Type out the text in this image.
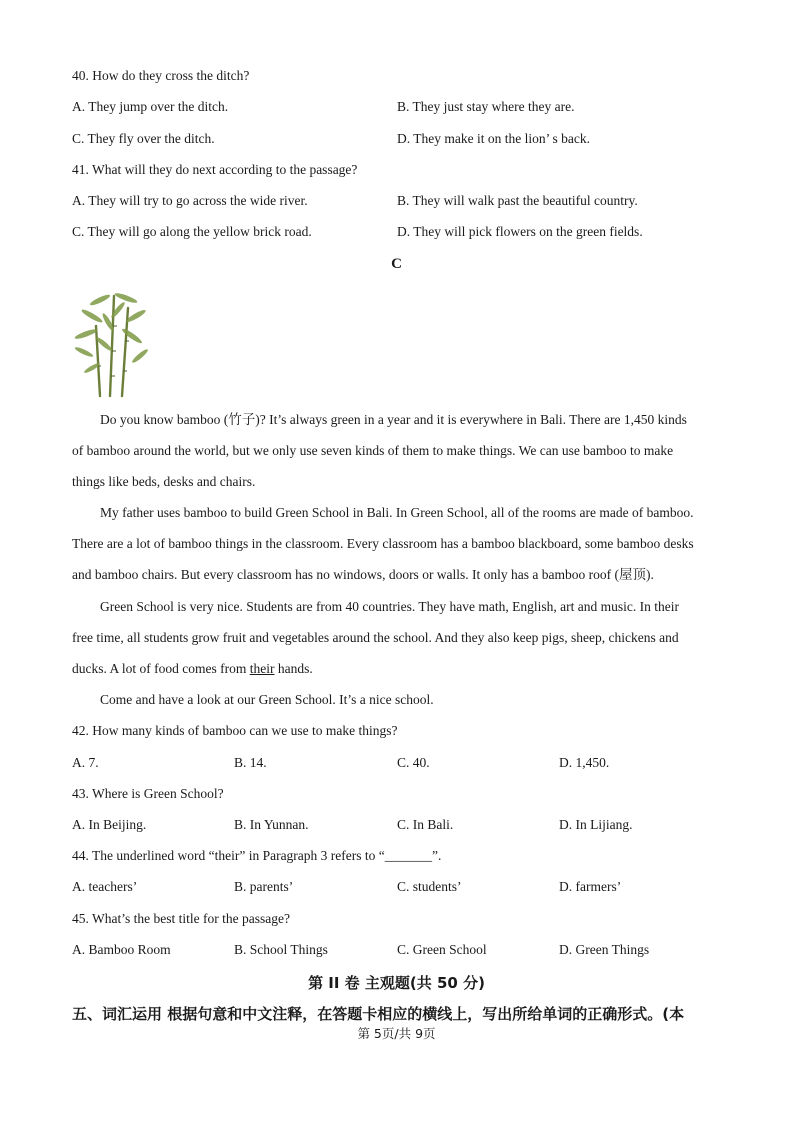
40. How do they cross the ditch?
A. They jump over the ditch.	B. They just stay where they are.
C. They fly over the ditch.	D. They make it on the lion’ s back.
41. What will they do next according to the passage?
A. They will try to go across the wide river.	B. They will walk past the beautiful country.
C. They will go along the yellow brick road.	D. They will pick flowers on the green fields.
C
Do you know bamboo (竹子)? It’s always green in a year and it is everywhere in Bali. There are 1,450 kinds
of bamboo around the world, but we only use seven kinds of them to make things. We can use bamboo to make
things like beds, desks and chairs.
My father uses bamboo to build Green School in Bali. In Green School, all of the rooms are made of bamboo.
There are a lot of bamboo things in the classroom. Every classroom has a bamboo blackboard, some bamboo desks
and bamboo chairs. But every classroom has no windows, doors or walls. It only has a bamboo roof (屋顶).
Green School is very nice. Students are from 40 countries. They have math, English, art and music. In their
free time, all students grow fruit and vegetables around the school. And they also keep pigs, sheep, chickens and
ducks. A lot of food comes from their hands.
Come and have a look at our Green School. It’s a nice school.
42. How many kinds of bamboo can we use to make things?
A. 7.	B. 14.	C. 40.	D. 1,450.
43. Where is Green School?
A. In Beijing.	B. In Yunnan.	C. In Bali.	D. In Lijiang.
44. The underlined word “their” in Paragraph 3 refers to “_______”.
A. teachers’	B. parents’	C. students’	D. farmers’
45. What’s the best title for the passage?
A. Bamboo Room	B. School Things	C. Green School	D. Green Things
第 II 卷 主观题(共 50 分)
五、词汇运用 根据句意和中文注释，在答题卡相应的横线上，写出所给单词的正确形式。(本
第 5页/共 9页
